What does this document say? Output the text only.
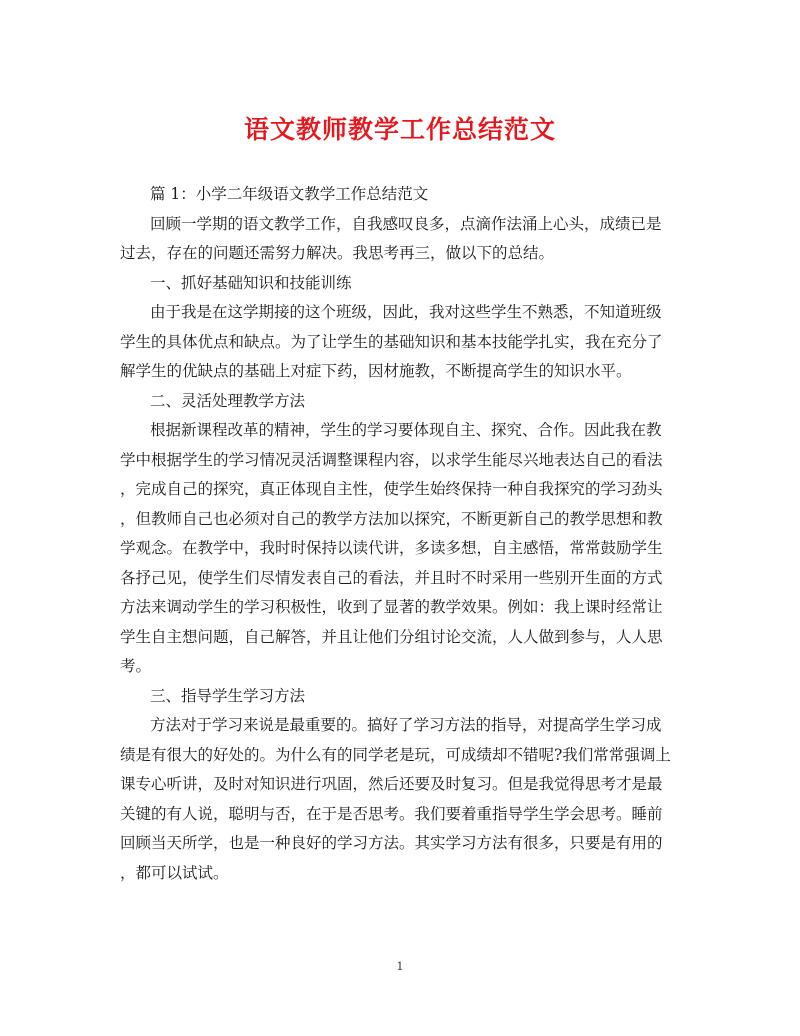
语文教师教学工作总结范文
篇 1：小学二年级语文教学工作总结范文
回顾一学期的语文教学工作，自我感叹良多，点滴作法涌上心头，成绩已是
过去，存在的问题还需努力解决。我思考再三，做以下的总结。
一、抓好基础知识和技能训练
由于我是在这学期接的这个班级，因此，我对这些学生不熟悉，不知道班级
学生的具体优点和缺点。为了让学生的基础知识和基本技能学扎实，我在充分了
解学生的优缺点的基础上对症下药，因材施教，不断提高学生的知识水平。
二、灵活处理教学方法
根据新课程改革的精神，学生的学习要体现自主、探究、合作。因此我在教
学中根据学生的学习情况灵活调整课程内容，以求学生能尽兴地表达自己的看法
，完成自己的探究，真正体现自主性，使学生始终保持一种自我探究的学习劲头
，但教师自己也必须对自己的教学方法加以探究，不断更新自己的教学思想和教
学观念。在教学中，我时时保持以读代讲，多读多想，自主感悟，常常鼓励学生
各抒己见，使学生们尽情发表自己的看法，并且时不时采用一些别开生面的方式
方法来调动学生的学习积极性，收到了显著的教学效果。例如：我上课时经常让
学生自主想问题，自己解答，并且让他们分组讨论交流，人人做到参与，人人思
考。
三、指导学生学习方法
方法对于学习来说是最重要的。搞好了学习方法的指导，对提高学生学习成
绩是有很大的好处的。为什么有的同学老是玩，可成绩却不错呢?我们常常强调上
课专心听讲，及时对知识进行巩固，然后还要及时复习。但是我觉得思考才是最
关键的有人说，聪明与否，在于是否思考。我们要着重指导学生学会思考。睡前
回顾当天所学，也是一种良好的学习方法。其实学习方法有很多，只要是有用的
，都可以试试。
1
